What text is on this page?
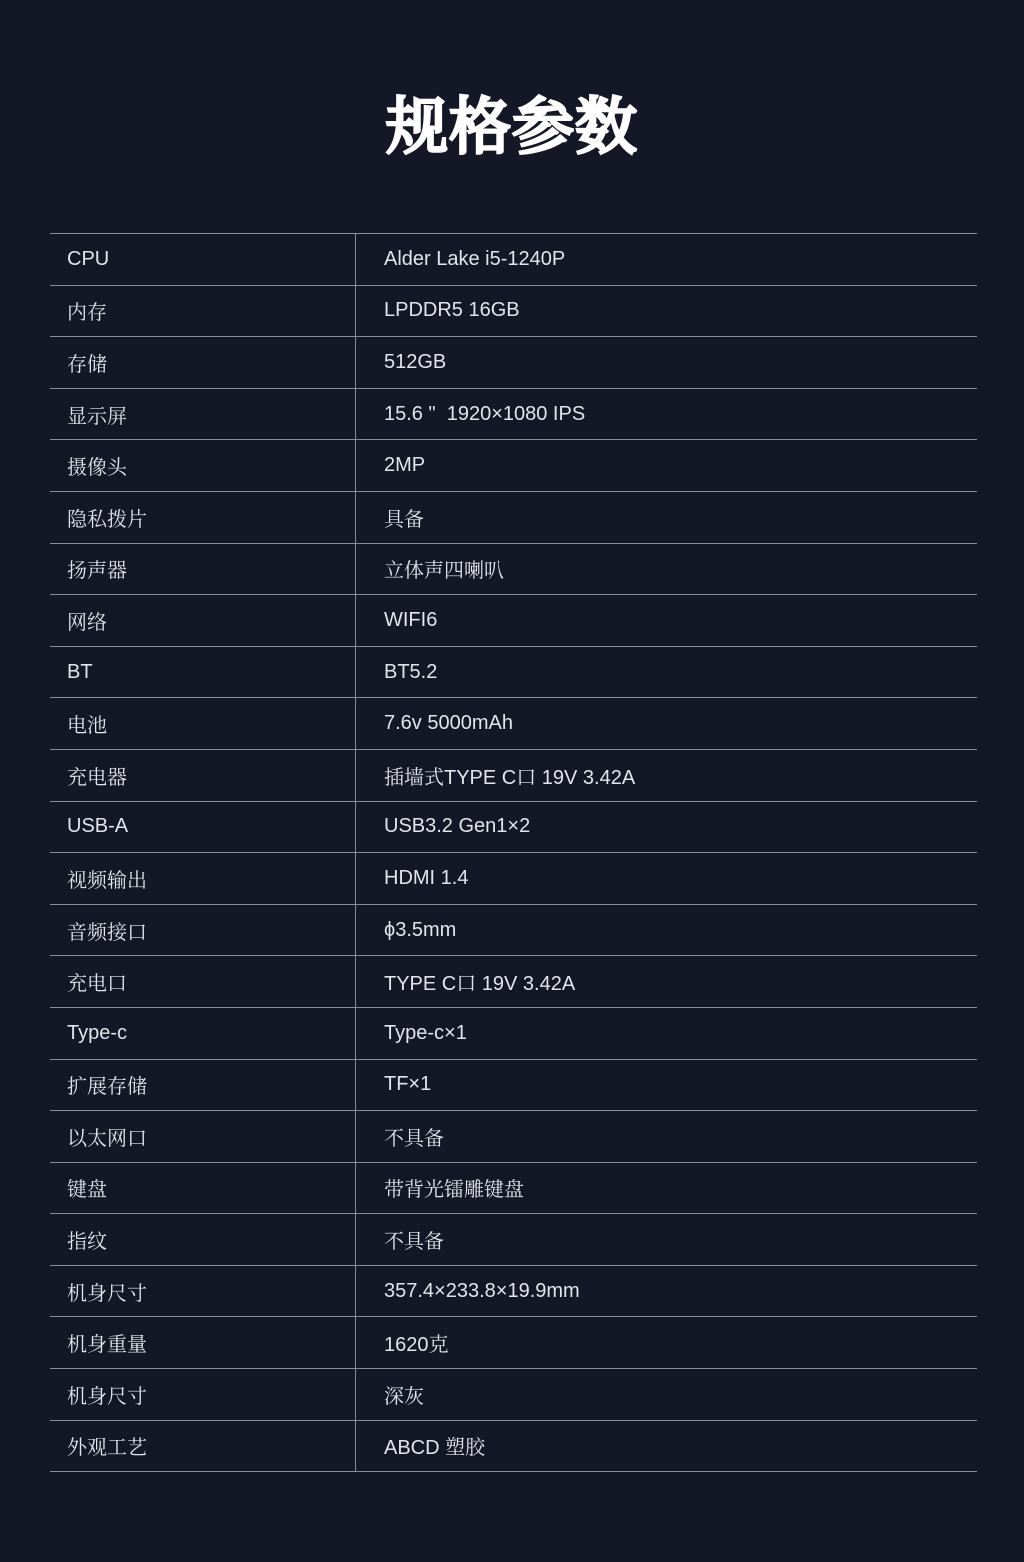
规格参数
CPU	Alder Lake i5-1240P
内存	LPDDR5 16GB
存储	512GB
显示屏	15.6 "  1920×1080 IPS
摄像头	2MP
隐私拨片	具备
扬声器	立体声四喇叭
网络	WIFI6
BT	BT5.2
电池	7.6v 5000mAh
充电器	插墙式TYPE C口 19V 3.42A
USB-A	USB3.2 Gen1×2
视频输出	HDMI 1.4
音频接口	ϕ3.5mm
充电口	TYPE C口 19V 3.42A
Type-c	Type-c×1
扩展存储	TF×1
以太网口	不具备
键盘	带背光镭雕键盘
指纹	不具备
机身尺寸	357.4×233.8×19.9mm
机身重量	1620克
机身尺寸	深灰
外观工艺	ABCD 塑胶
